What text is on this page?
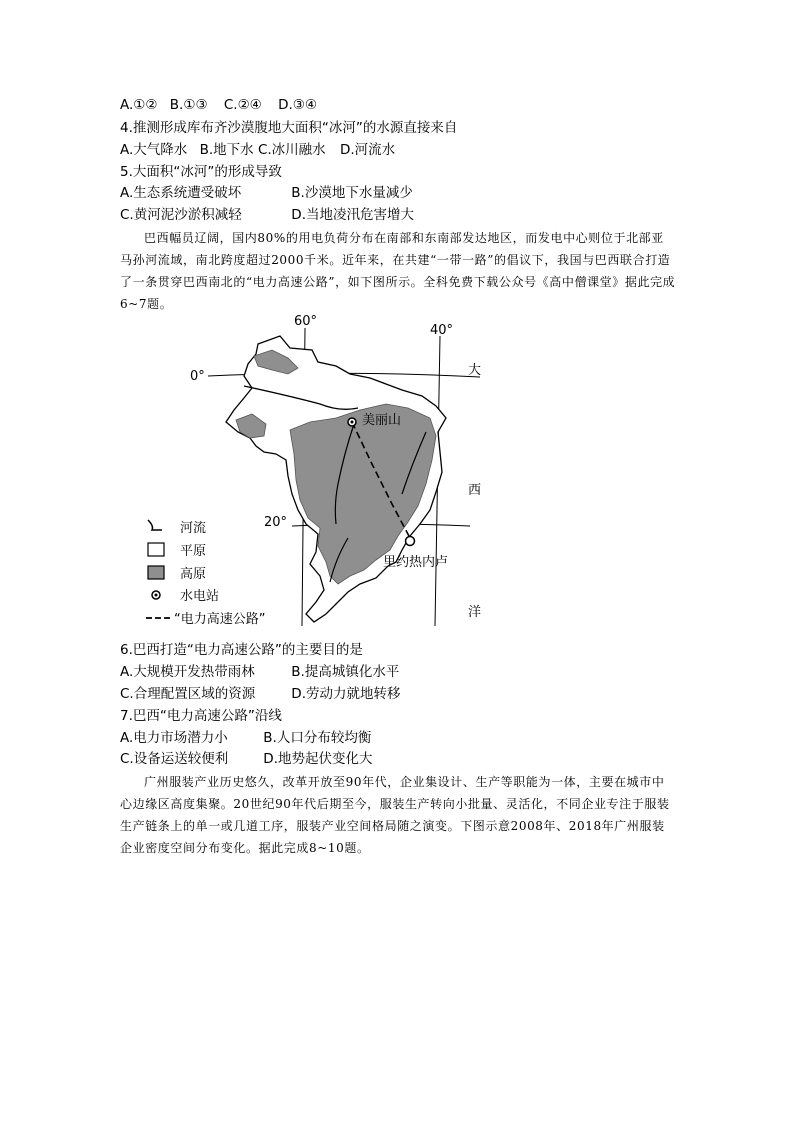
A.①② B.①③ C.②④ D.③④
4.推测形成库布齐沙漠腹地大面积“冰河”的水源直接来自
A.大气降水 B.地下水 C.冰川融水 D.河流水
5.大面积“冰河”的形成导致
A.生态系统遭受破坏	B.沙漠地下水量减少
C.黄河泥沙淤积减轻	D.当地凌汛危害增大

巴西幅员辽阔，国内80%的用电负荷分布在南部和东南部发达地区，而发电中心则位于北部亚马孙河流域，南北跨度超过2000千米。近年来，在共建“一带一路”的倡议下，我国与巴西联合打造了一条贯穿巴西南北的“电力高速公路”，如下图所示。全科免费下载公众号《高中僧课堂》据此完成6~7题。

60°
40°
0°
20°
美丽山
里约热内卢
大
西
洋
河流
平原
高原
水电站
“电力高速公路”
6.巴西打造“电力高速公路”的主要目的是
A.大规模开发热带雨林	B.提高城镇化水平
C.合理配置区域的资源	D.劳动力就地转移
7.巴西“电力高速公路”沿线
A.电力市场潜力小	B.人口分布较均衡
C.设备运送较便利	D.地势起伏变化大

广州服装产业历史悠久，改革开放至90年代，企业集设计、生产等职能为一体，主要在城市中心边缘区高度集聚。20世纪90年代后期至今，服装生产转向小批量、灵活化，不同企业专注于服装生产链条上的单一或几道工序，服装产业空间格局随之演变。下图示意2008年、2018年广州服装企业密度空间分布变化。据此完成8~10题。
